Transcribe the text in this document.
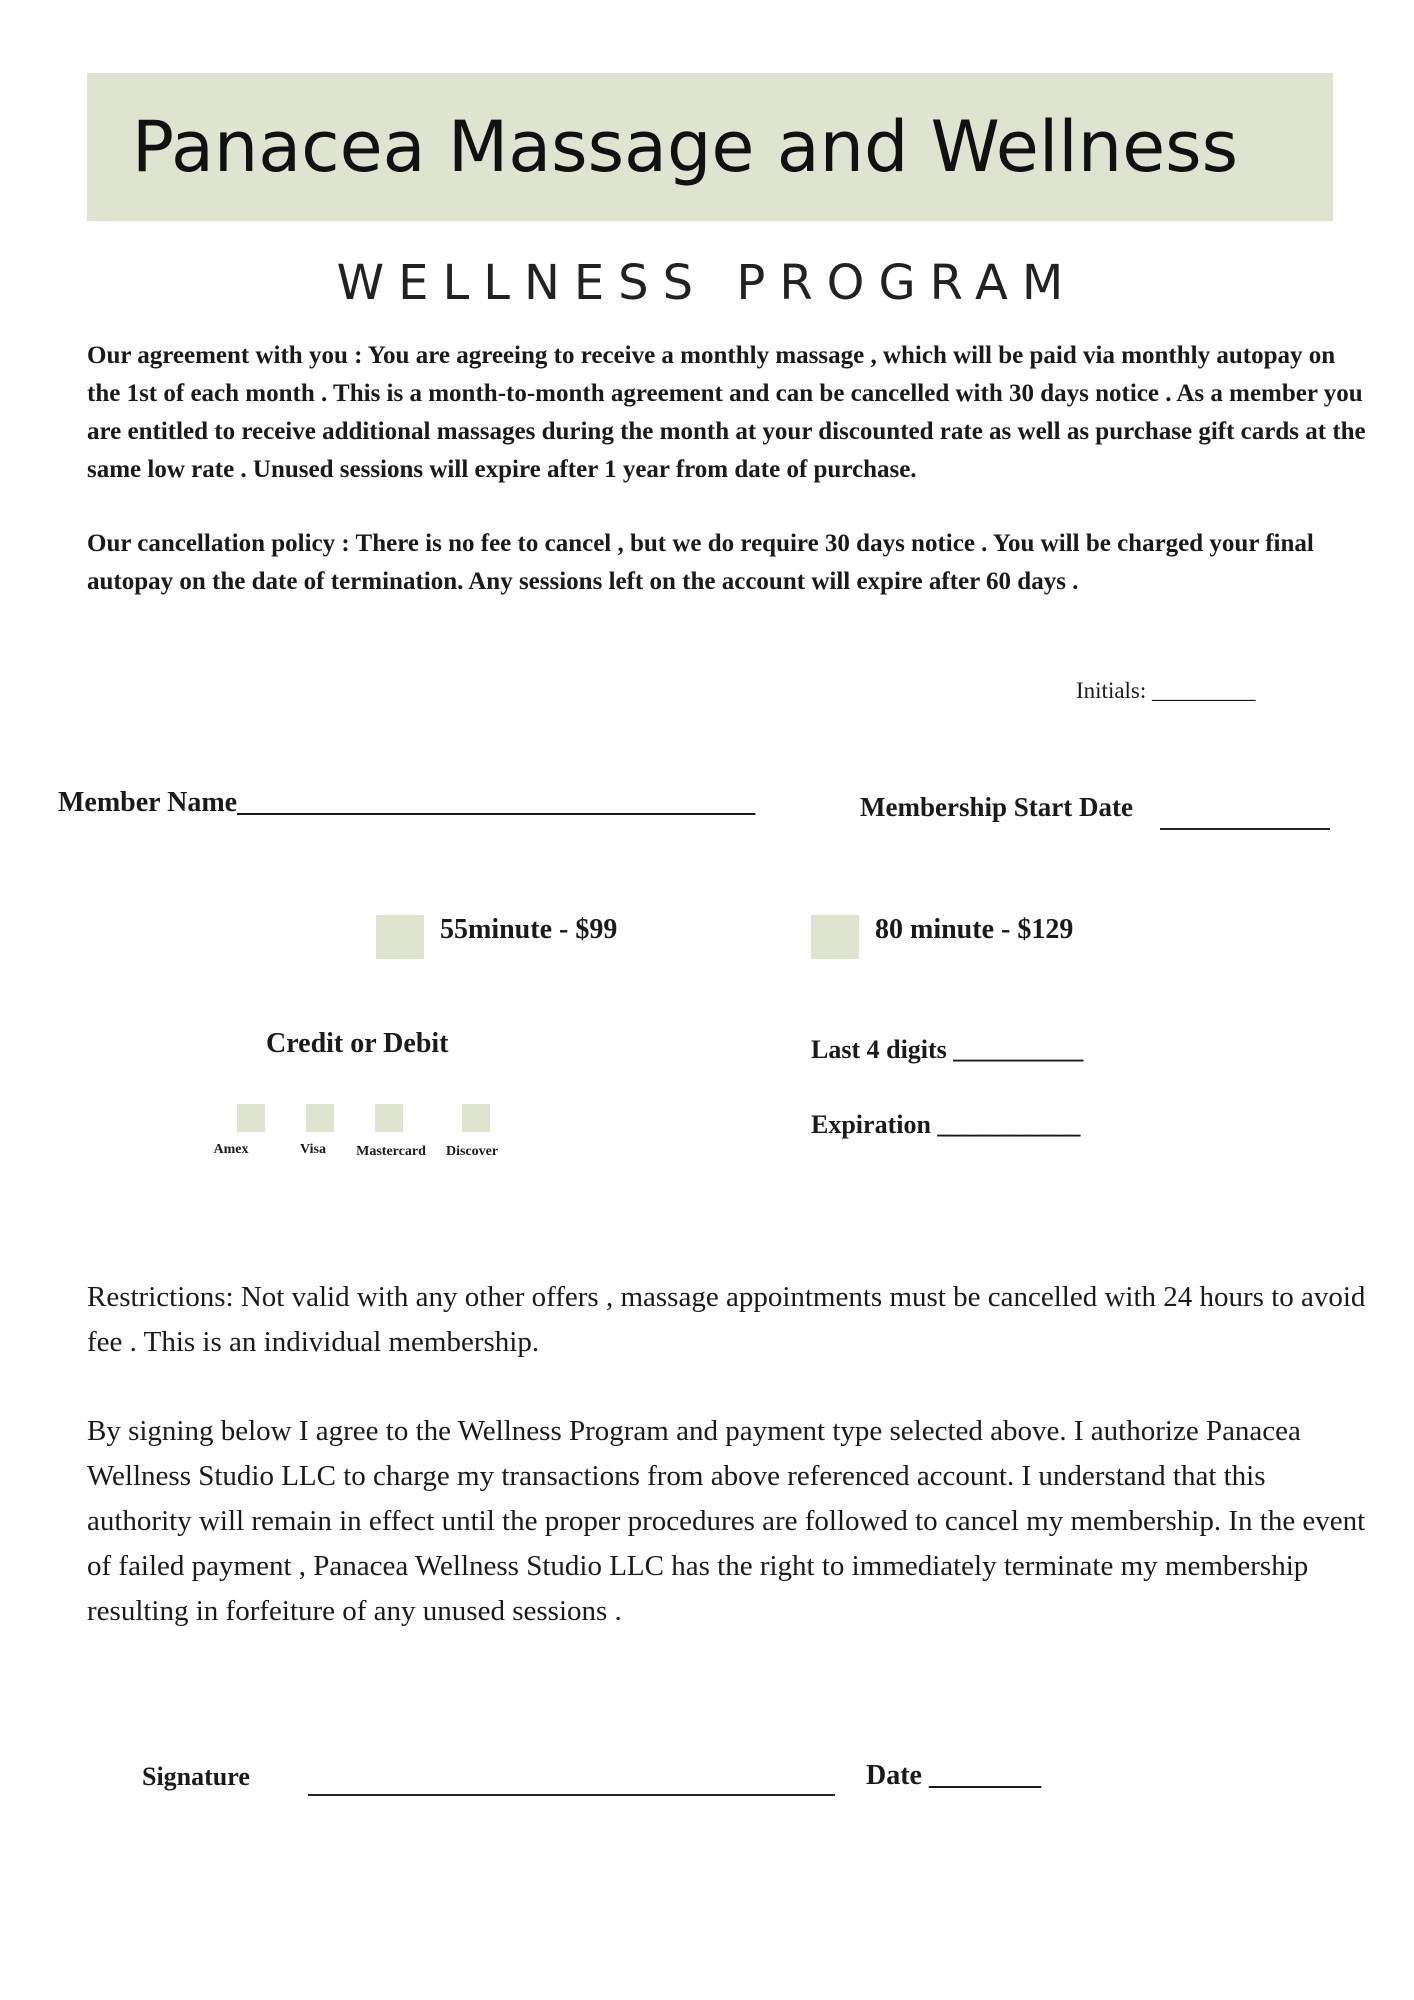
Panacea Massage and Wellness
WELLNESS PROGRAM
Our agreement with you : You are agreeing to receive a monthly massage , which will be paid via monthly autopay on the 1st of each month . This is a month-to-month agreement and can be cancelled with 30 days notice . As a member you are entitled to receive additional massages during the month at your discounted rate as well as purchase gift cards at the same low rate . Unused sessions will expire after 1 year from date of purchase.
Our cancellation policy : There is no fee to cancel , but we do require 30 days notice . You will be charged your final autopay on the date of termination. Any sessions left on the account will expire after 60 days .
Initials: _________
Member Name_____________________________________	Membership Start Date
55minute - $99	80 minute - $129
Credit or Debit
Amex	Visa	Mastercard	Discover
Last 4 digits __________
Expiration ___________
Restrictions: Not valid with any other offers , massage appointments must be cancelled with 24 hours to avoid fee . This is an individual membership.
By signing below I agree to the Wellness Program and payment type selected above. I authorize Panacea Wellness Studio LLC to charge my transactions from above referenced account. I understand that this authority will remain in effect until the proper procedures are followed to cancel my membership. In the event of failed payment , Panacea Wellness Studio LLC has the right to immediately terminate my membership resulting in forfeiture of any unused sessions .
Signature	Date ________
